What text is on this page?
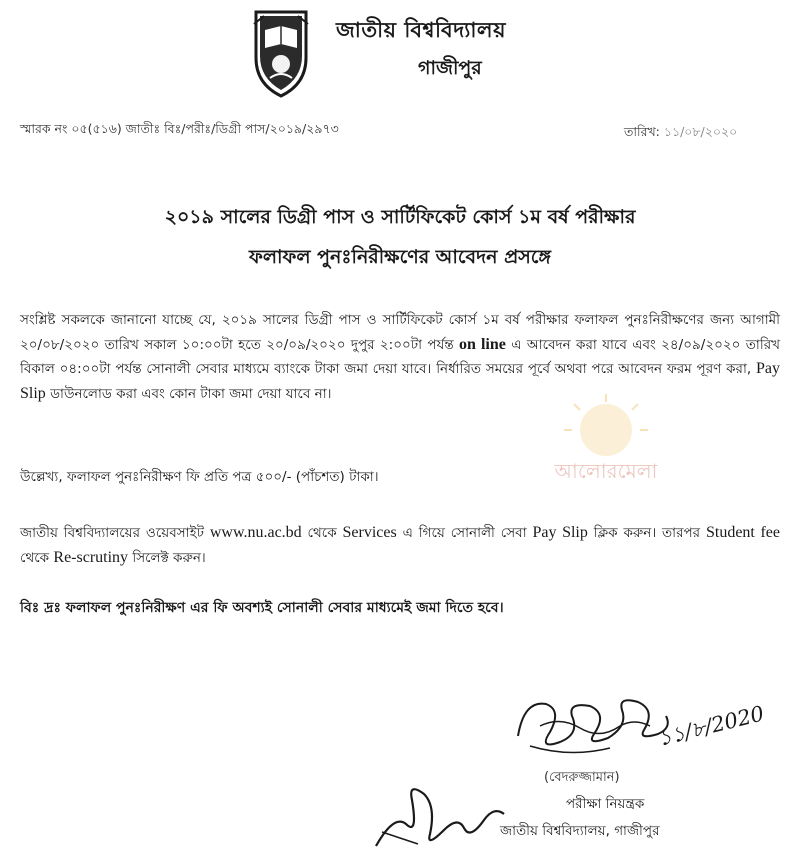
জাতীয় বিশ্ববিদ্যালয়
গাজীপুর
স্মারক নং ০৫(৫১৬) জাতীঃ বিঃ/পরীঃ/ডিগ্রী পাস/২০১৯/২৯৭৩	তারিখ: ১১/০৮/২০২০
২০১৯ সালের ডিগ্রী পাস ও সার্টিফিকেট কোর্স ১ম বর্ষ পরীক্ষার
ফলাফল পুনঃনিরীক্ষণের আবেদন প্রসঙ্গে
সংশ্লিষ্ট সকলকে জানানো যাচ্ছে যে, ২০১৯ সালের ডিগ্রী পাস ও সার্টিফিকেট কোর্স ১ম বর্ষ পরীক্ষার ফলাফল পুনঃনিরীক্ষণের জন্য আগামী ২০/০৮/২০২০ তারিখ সকাল ১০:০০টা হতে ২০/০৯/২০২০ দুপুর ২:০০টা পর্যন্ত on line এ আবেদন করা যাবে এবং ২৪/০৯/২০২০ তারিখ বিকাল ০৪:০০টা পর্যন্ত সোনালী সেবার মাধ্যমে ব্যাংকে টাকা জমা দেয়া যাবে। নির্ধারিত সময়ের পূর্বে অথবা পরে আবেদন ফরম পূরণ করা, Pay Slip ডাউনলোড করা এবং কোন টাকা জমা দেয়া যাবে না।
উল্লেখ্য, ফলাফল পুনঃনিরীক্ষণ ফি প্রতি পত্র ৫০০/- (পাঁচশত) টাকা।
জাতীয় বিশ্ববিদ্যালয়ের ওয়েবসাইট www.nu.ac.bd থেকে Services এ গিয়ে সোনালী সেবা Pay Slip ক্লিক করুন। তারপর Student fee থেকে Re-scrutiny সিলেক্ট করুন।
বিঃ দ্রঃ ফলাফল পুনঃনিরীক্ষণ এর ফি অবশ্যই সোনালী সেবার মাধ্যমেই জমা দিতে হবে।
আলোরমেলা
১১/৮/2020
(বেদরুজ্জামান)
পরীক্ষা নিয়ন্ত্রক
জাতীয় বিশ্ববিদ্যালয়, গাজীপুর
